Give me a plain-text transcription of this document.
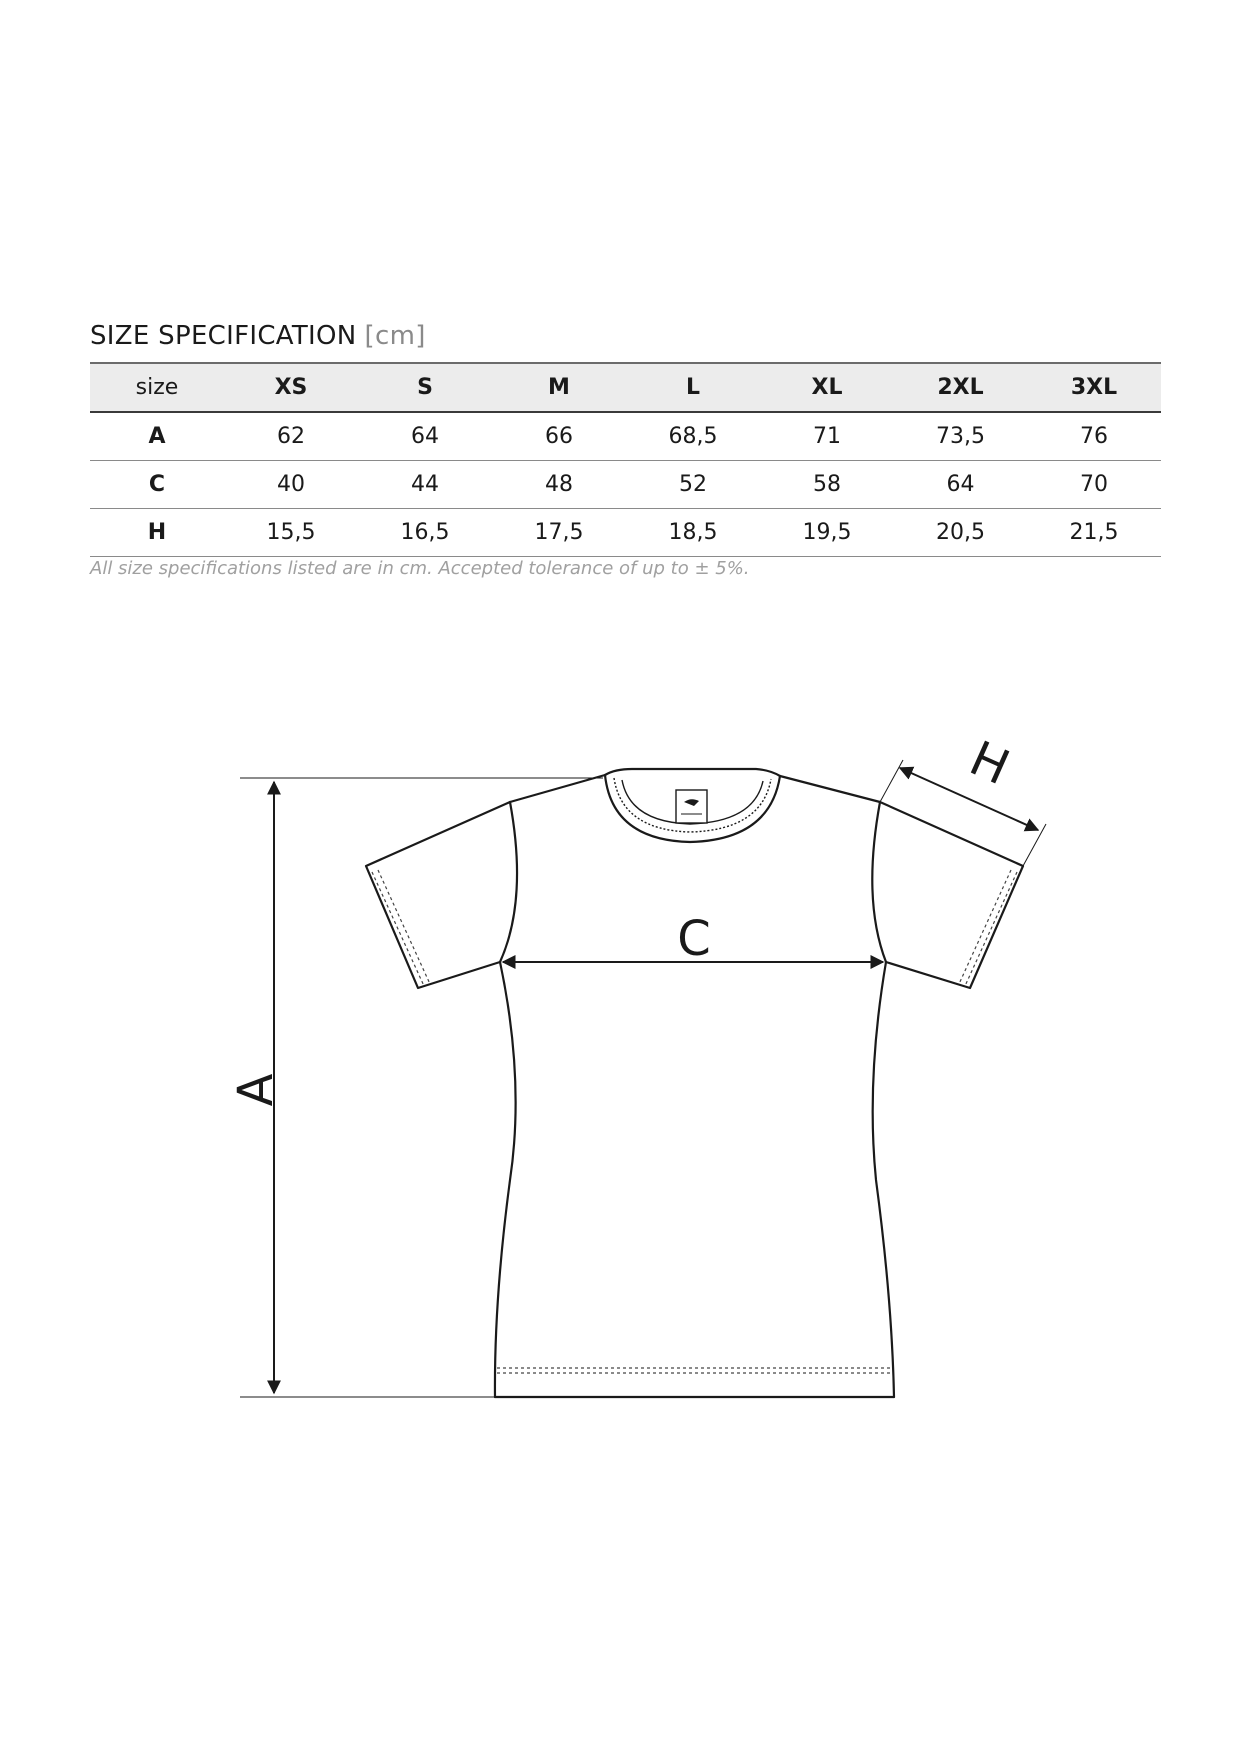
SIZE SPECIFICATION [cm]
size	XS	S	M	L	XL	2XL	3XL
A	62	64	66	68,5	71	73,5	76
C	40	44	48	52	58	64	70
H	15,5	16,5	17,5	18,5	19,5	20,5	21,5
All size specifications listed are in cm. Accepted tolerance of up to ± 5%.
A
C
H
